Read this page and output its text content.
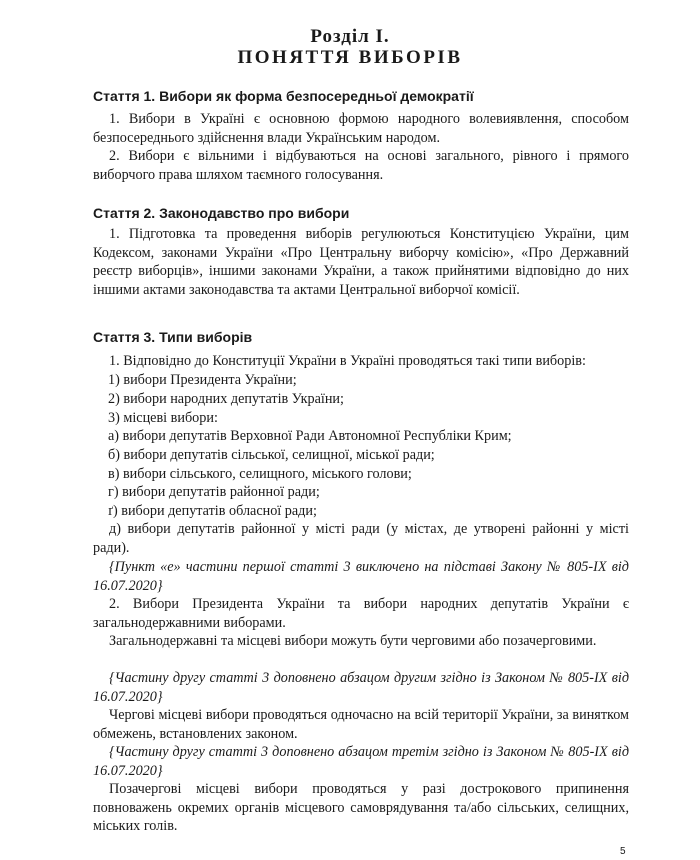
Розділ I.
ПОНЯТТЯ ВИБОРІВ
Стаття 1. Вибори як форма безпосередньої демократії

1. Вибори в Україні є основною формою народного волевиявлення, способом безпосереднього здійснення влади Українським народом.

2. Вибори є вільними і відбуваються на основі загального, рівного і прямого виборчого права шляхом таємного голосування.

Стаття 2. Законодавство про вибори

1. Підготовка та проведення виборів регулюються Конституцією України, цим Кодексом, законами України «Про Центральну виборчу комісію», «Про Державний реєстр виборців», іншими законами України, а також прийнятими відповідно до них іншими актами законодавства та актами Центральної виборчої комісії.

Стаття 3. Типи виборів

1. Відповідно до Конституції України в Україні проводяться такі типи виборів:

1) вибори Президента України;
2) вибори народних депутатів України;
3) місцеві вибори:
а) вибори депутатів Верховної Ради Автономної Республіки Крим;
б) вибори депутатів сільської, селищної, міської ради;
в) вибори сільського, селищного, міського голови;
г) вибори депутатів районної ради;
ґ) вибори депутатів обласної ради;

д) вибори депутатів районної у місті ради (у містах, де утворені районні у місті ради).

{Пункт «е» частини першої статті 3 виключено на підставі Закону № 805-IX від 16.07.2020}

2. Вибори Президента України та вибори народних депутатів України є загальнодержавними виборами.

Загальнодержавні та місцеві вибори можуть бути черговими або позачерговими.

{Частину другу статті 3 доповнено абзацом другим згідно із Законом № 805-IX від 16.07.2020}

Чергові місцеві вибори проводяться одночасно на всій території України, за винятком обмежень, встановлених законом.

{Частину другу статті 3 доповнено абзацом третім згідно із Законом № 805-IX від 16.07.2020}

Позачергові місцеві вибори проводяться у разі дострокового припинення повноважень окремих органів місцевого самоврядування та/або сільських, селищних, міських голів.

5
